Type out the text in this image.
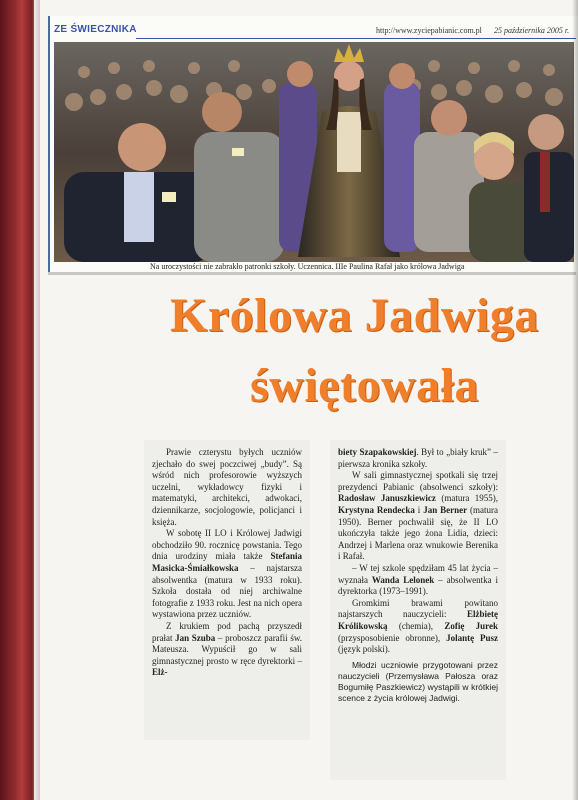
ZE ŚWIECZNIKA	http://www.zyciepabianic.com.pl 25 października 2005 r.
Na uroczystości nie zabrakło patronki szkoły. Uczennica. IIIe Paulina Rafał jako królowa Jadwiga
Królowa Jadwiga
świętowała

Prawie czterystu byłych uczniów zjechało do swej poczciwej „budy”. Są wśród nich profesorowie wyższych uczelni, wykładowcy fizyki i matematyki, architekci, adwokaci, dziennikarze, socjologowie, policjanci i księża.

W sobotę II LO i Królowej Jadwigi obchodziło 90. rocznicę powstania. Tego dnia urodziny miała także Stefania Masicka-Śmiałkowska – najstarsza absolwentka (matura w 1933 roku). Szkoła dostała od niej archiwalne fotografie z 1933 roku. Jest na nich opera wystawiona przez uczniów.

Z krukiem pod pachą przyszedł prałat Jan Szuba – proboszcz parafii św. Mateusza. Wypuścił go w sali gimnastycznej prosto w ręce dyrektorki – Elż-

biety Szapakowskiej. Był to „biały kruk” – pierwsza kronika szkoły.

W sali gimnastycznej spotkali się trzej prezydenci Pabianic (absolwenci szkoły): Radosław Januszkiewicz (matura 1955), Krystyna Rendecka i Jan Berner (matura 1950). Berner pochwalił się, że II LO ukończyła także jego żona Lidia, dzieci: Andrzej i Marlena oraz wnukowie Berenika i Rafał.

– W tej szkole spędziłam 45 lat życia – wyznała Wanda Lelonek – absolwentka i dyrektorka (1973–1991).

Gromkimi brawami powitano najstarszych nauczycieli: Elżbietę Królikowską (chemia), Zofię Jurek (przysposobienie obronne), Jolantę Pusz (język polski).

Młodzi uczniowie przygotowani przez nauczycieli (Przemysława Pałosza oraz Bogumiłę Paszkiewicz) wystąpili w krótkiej scence z życia królowej Jadwigi.
